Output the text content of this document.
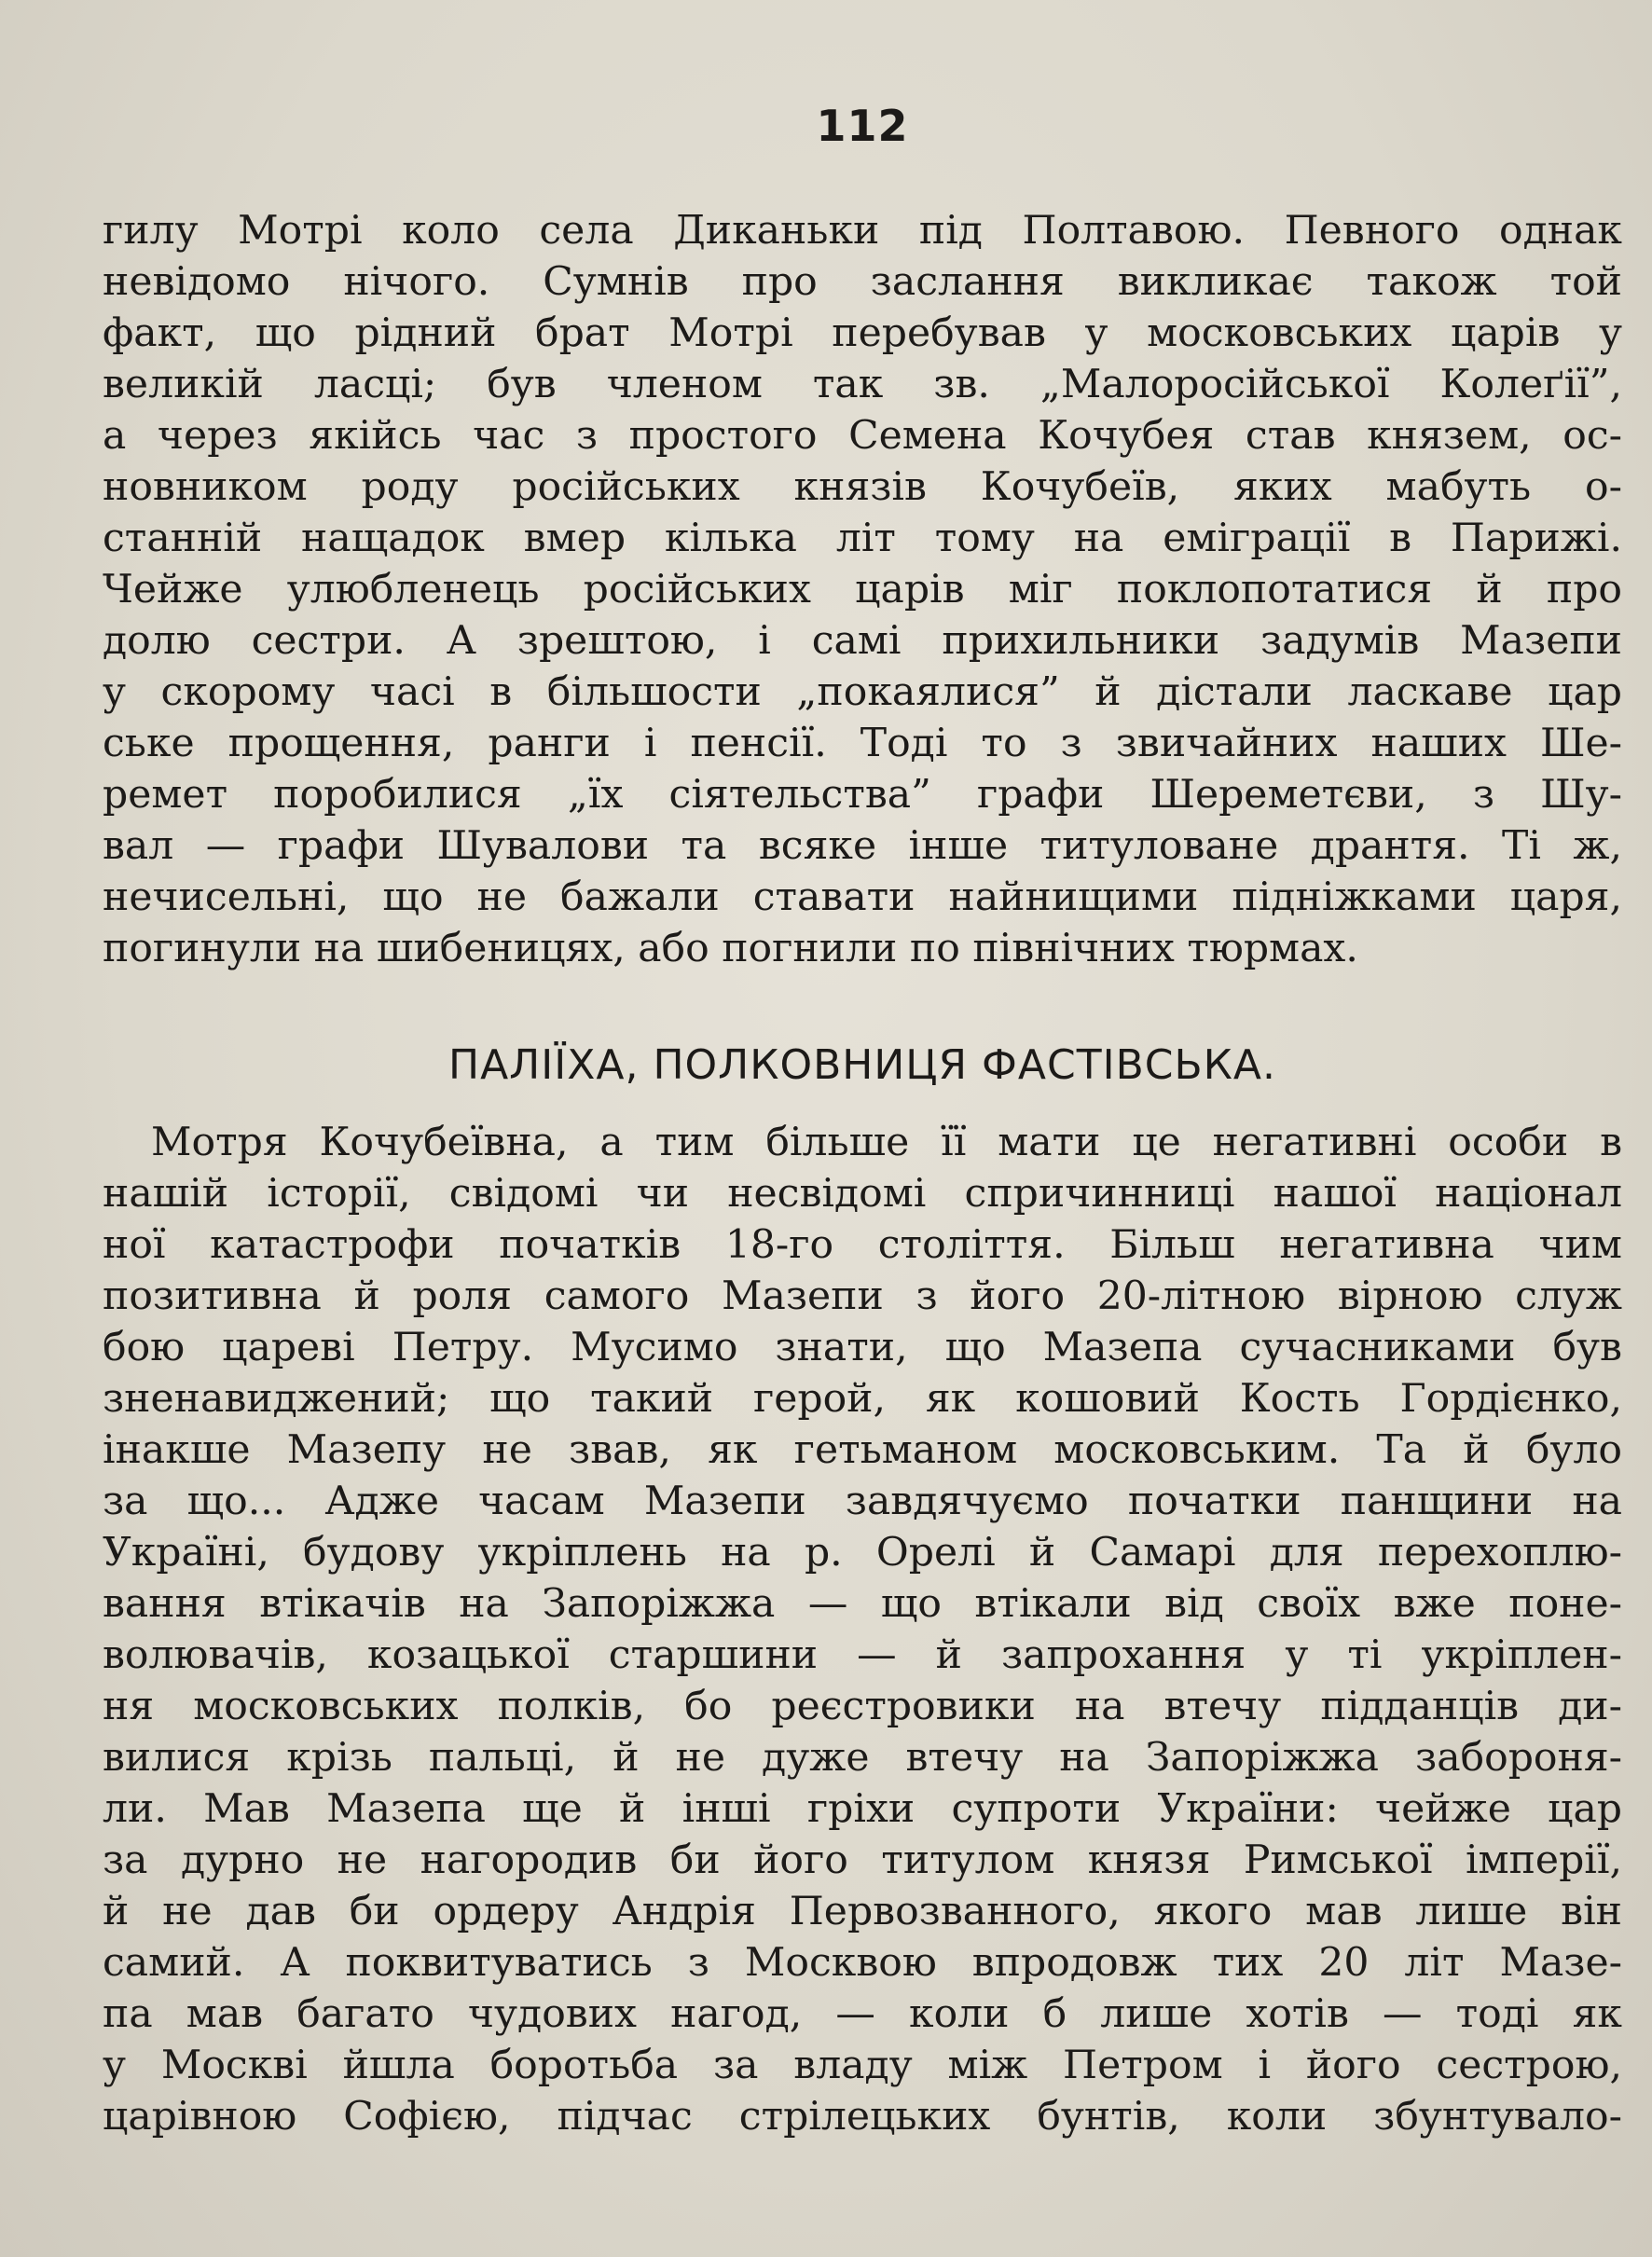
112
гилу Мотрі коло села Диканьки під Полтавою. Певного однак
невідомо нічого. Сумнів про заслання викликає також той
факт, що рідний брат Мотрі перебував у московських царів у
великій ласці; був членом так зв. „Малоросійської Колеґії”,
а через якійсь час з простого Семена Кочубея став князем, ос-
новником роду російських князів Кочубеїв, яких мабуть о-
станній нащадок вмер кілька літ тому на еміграції в Парижі.
Чейже улюбленець російських царів міг поклопотатися й про
долю сестри. А зрештою, і самі прихильники задумів Мазепи
у скорому часі в більшости „покаялися” й дістали ласкаве цар
ське прощення, ранги і пенсії. Тоді то з звичайних наших Ше-
ремет поробилися „їх сіятельства” графи Шереметєви, з Шу-
вал — графи Шувалови та всяке інше титуловане дрантя. Ті ж,
нечисельні, що не бажали ставати найнищими підніжками царя,
погинули на шибеницях, або погнили по північних тюрмах.
ПАЛІЇХА, ПОЛКОВНИЦЯ ФАСТІВСЬКА.
Мотря Кочубеївна, а тим більше її мати це негативні особи в
нашій історії, свідомі чи несвідомі спричинниці нашої націонал
ної катастрофи початків 18-го століття. Більш негативна чим
позитивна й роля самого Мазепи з його 20-літною вірною служ
бою цареві Петру. Мусимо знати, що Мазепа сучасниками був
зненавиджений; що такий герой, як кошовий Кость Гордієнко,
інакше Мазепу не звав, як гетьманом московським. Та й було
за що... Адже часам Мазепи завдячуємо початки панщини на
Україні, будову укріплень на р. Орелі й Самарі для перехоплю-
вання втікачів на Запоріжжа — що втікали від своїх вже поне-
волювачів, козацької старшини — й запрохання у ті укріплен-
ня московських полків, бо реєстровики на втечу підданців ди-
вилися крізь пальці, й не дуже втечу на Запоріжжа забороня-
ли. Мав Мазепа ще й інші гріхи супроти України: чейже цар
за дурно не нагородив би його титулом князя Римської імперії,
й не дав би ордеру Андрія Первозванного, якого мав лише він
самий. А поквитуватись з Москвою впродовж тих 20 літ Мазе-
па мав багато чудових нагод, — коли б лише хотів — тоді як
у Москві йшла боротьба за владу між Петром і його сестрою,
царівною Софією, підчас стрілецьких бунтів, коли збунтувало-
